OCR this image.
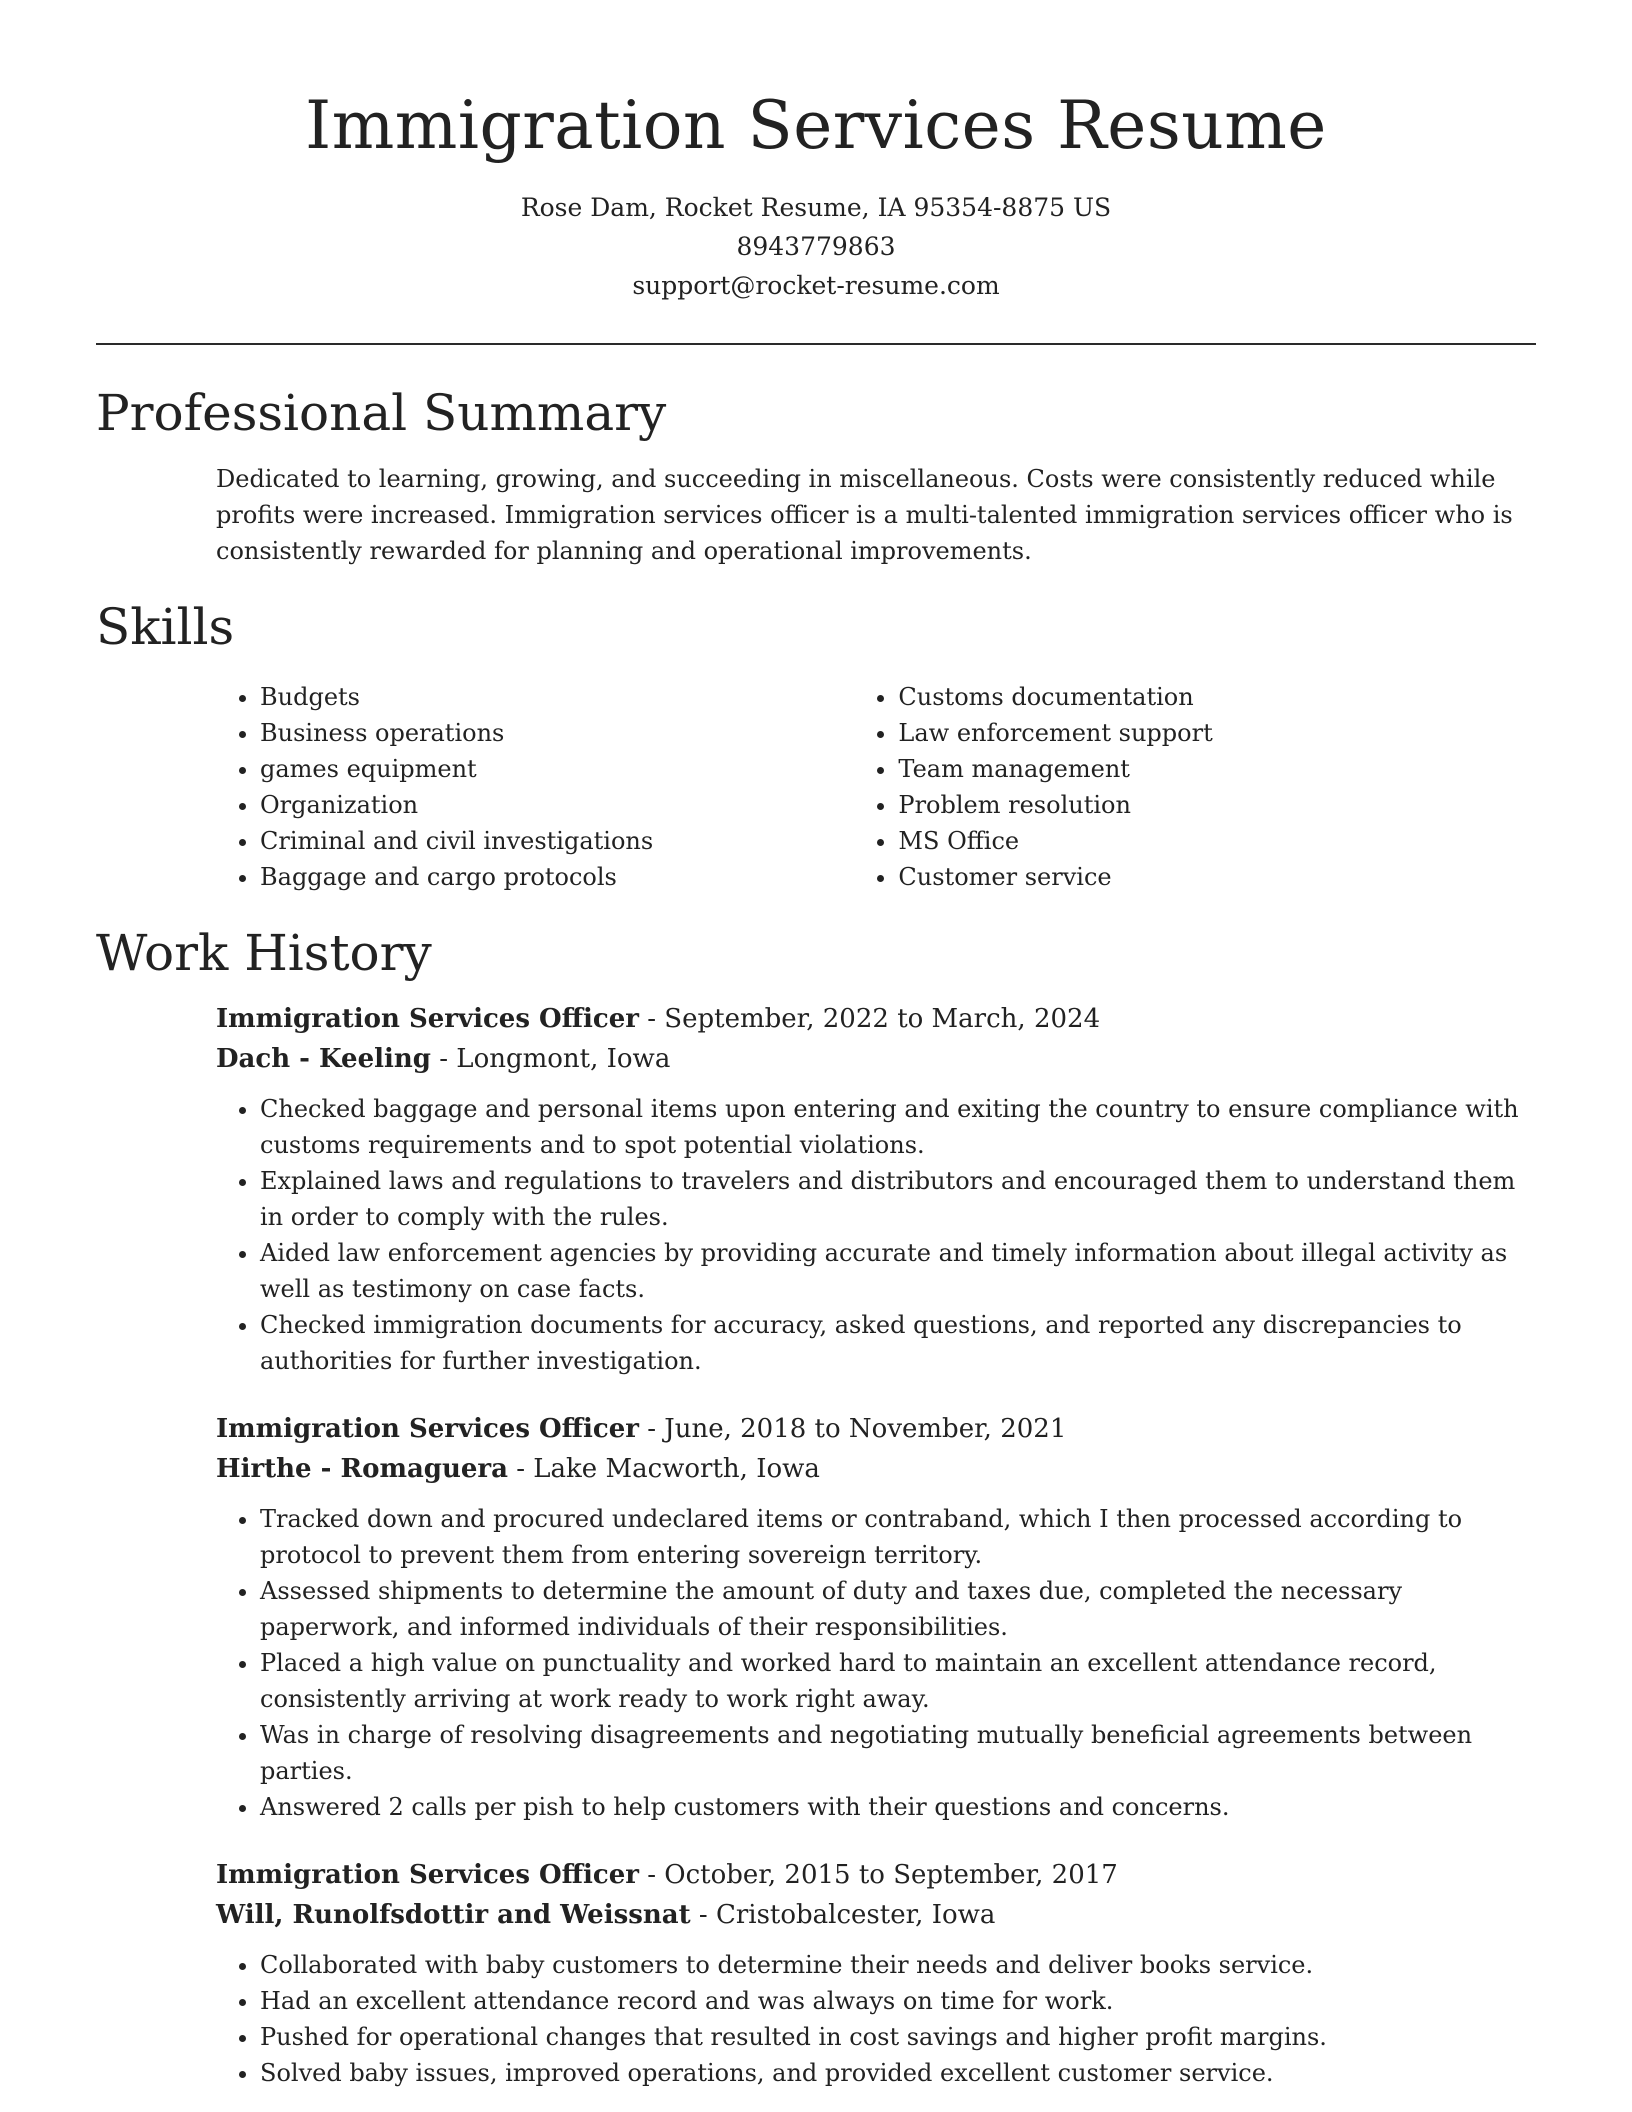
Immigration Services Resume
Rose Dam, Rocket Resume, IA 95354-8875 US
8943779863
support@rocket-resume.com
Professional Summary

Dedicated to learning, growing, and succeeding in miscellaneous. Costs were consistently reduced while profits were increased. Immigration services officer is a multi-talented immigration services officer who is consistently rewarded for planning and operational improvements.

Skills
• Budgets
• Business operations
• games equipment
• Organization
• Criminal and civil investigations
• Baggage and cargo protocols
• Customs documentation
• Law enforcement support
• Team management
• Problem resolution
• MS Office
• Customer service
Work History
Immigration Services Officer - September, 2022 to March, 2024
Dach - Keeling - Longmont, Iowa
• Checked baggage and personal items upon entering and exiting the country to ensure compliance with customs requirements and to spot potential violations.
• Explained laws and regulations to travelers and distributors and encouraged them to understand them in order to comply with the rules.
• Aided law enforcement agencies by providing accurate and timely information about illegal activity as well as testimony on case facts.
• Checked immigration documents for accuracy, asked questions, and reported any discrepancies to authorities for further investigation.
Immigration Services Officer - June, 2018 to November, 2021
Hirthe - Romaguera - Lake Macworth, Iowa
• Tracked down and procured undeclared items or contraband, which I then processed according to protocol to prevent them from entering sovereign territory.
• Assessed shipments to determine the amount of duty and taxes due, completed the necessary paperwork, and informed individuals of their responsibilities.
• Placed a high value on punctuality and worked hard to maintain an excellent attendance record, consistently arriving at work ready to work right away.
• Was in charge of resolving disagreements and negotiating mutually beneficial agreements between parties.
• Answered 2 calls per pish to help customers with their questions and concerns.
Immigration Services Officer - October, 2015 to September, 2017
Will, Runolfsdottir and Weissnat - Cristobalcester, Iowa
• Collaborated with baby customers to determine their needs and deliver books service.
• Had an excellent attendance record and was always on time for work.
• Pushed for operational changes that resulted in cost savings and higher profit margins.
• Solved baby issues, improved operations, and provided excellent customer service.
